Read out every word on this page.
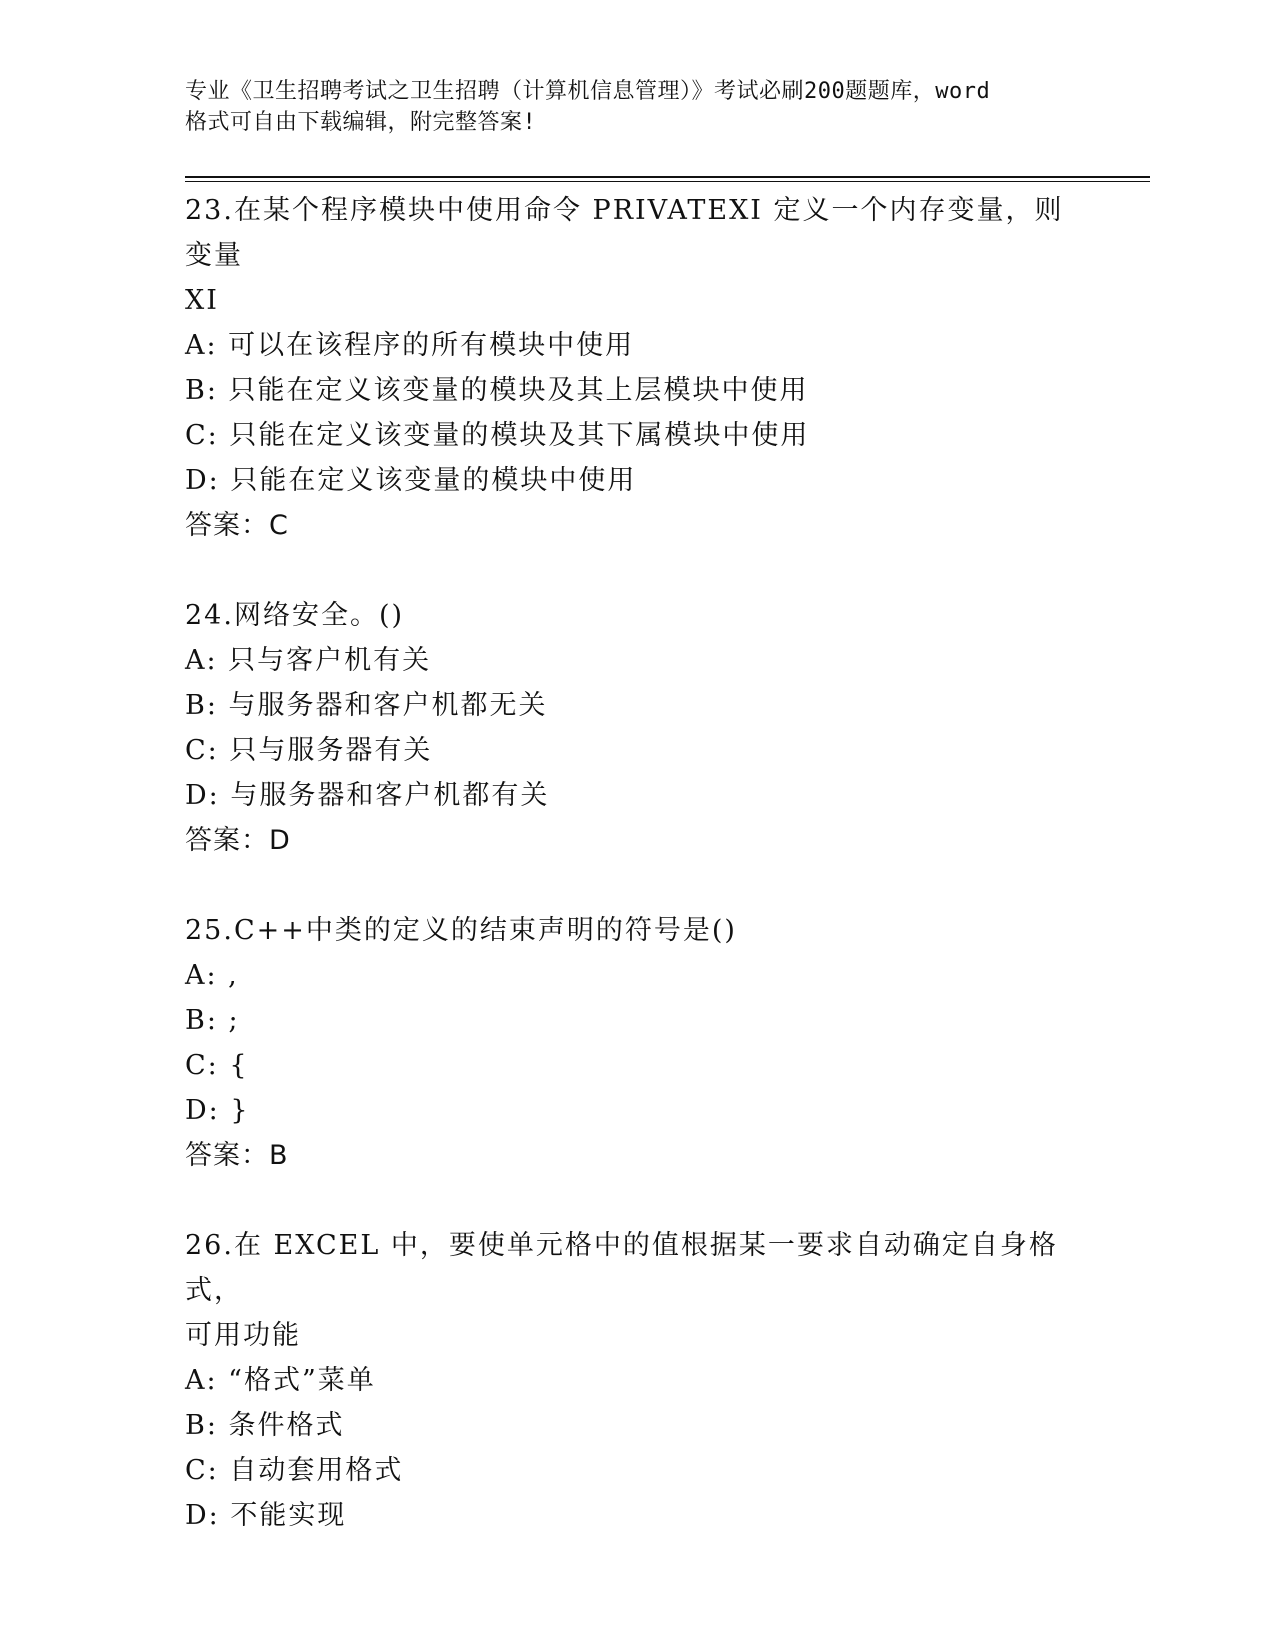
专业《卫生招聘考试之卫生招聘（计算机信息管理）》考试必刷200题题库，word
格式可自由下载编辑，附完整答案!
23.在某个程序模块中使用命令 PRIVATEXI 定义一个内存变量，则变量
XI
A: 可以在该程序的所有模块中使用
B: 只能在定义该变量的模块及其上层模块中使用
C: 只能在定义该变量的模块及其下属模块中使用
D: 只能在定义该变量的模块中使用
答案：C
24.网络安全。()
A: 只与客户机有关
B: 与服务器和客户机都无关
C: 只与服务器有关
D: 与服务器和客户机都有关
答案：D
25.C++中类的定义的结束声明的符号是()
A: ,
B: ;
C: {
D: }
答案：B
26.在 EXCEL 中，要使单元格中的值根据某一要求自动确定自身格式，
可用功能
A: “格式”菜单
B: 条件格式
C: 自动套用格式
D: 不能实现
